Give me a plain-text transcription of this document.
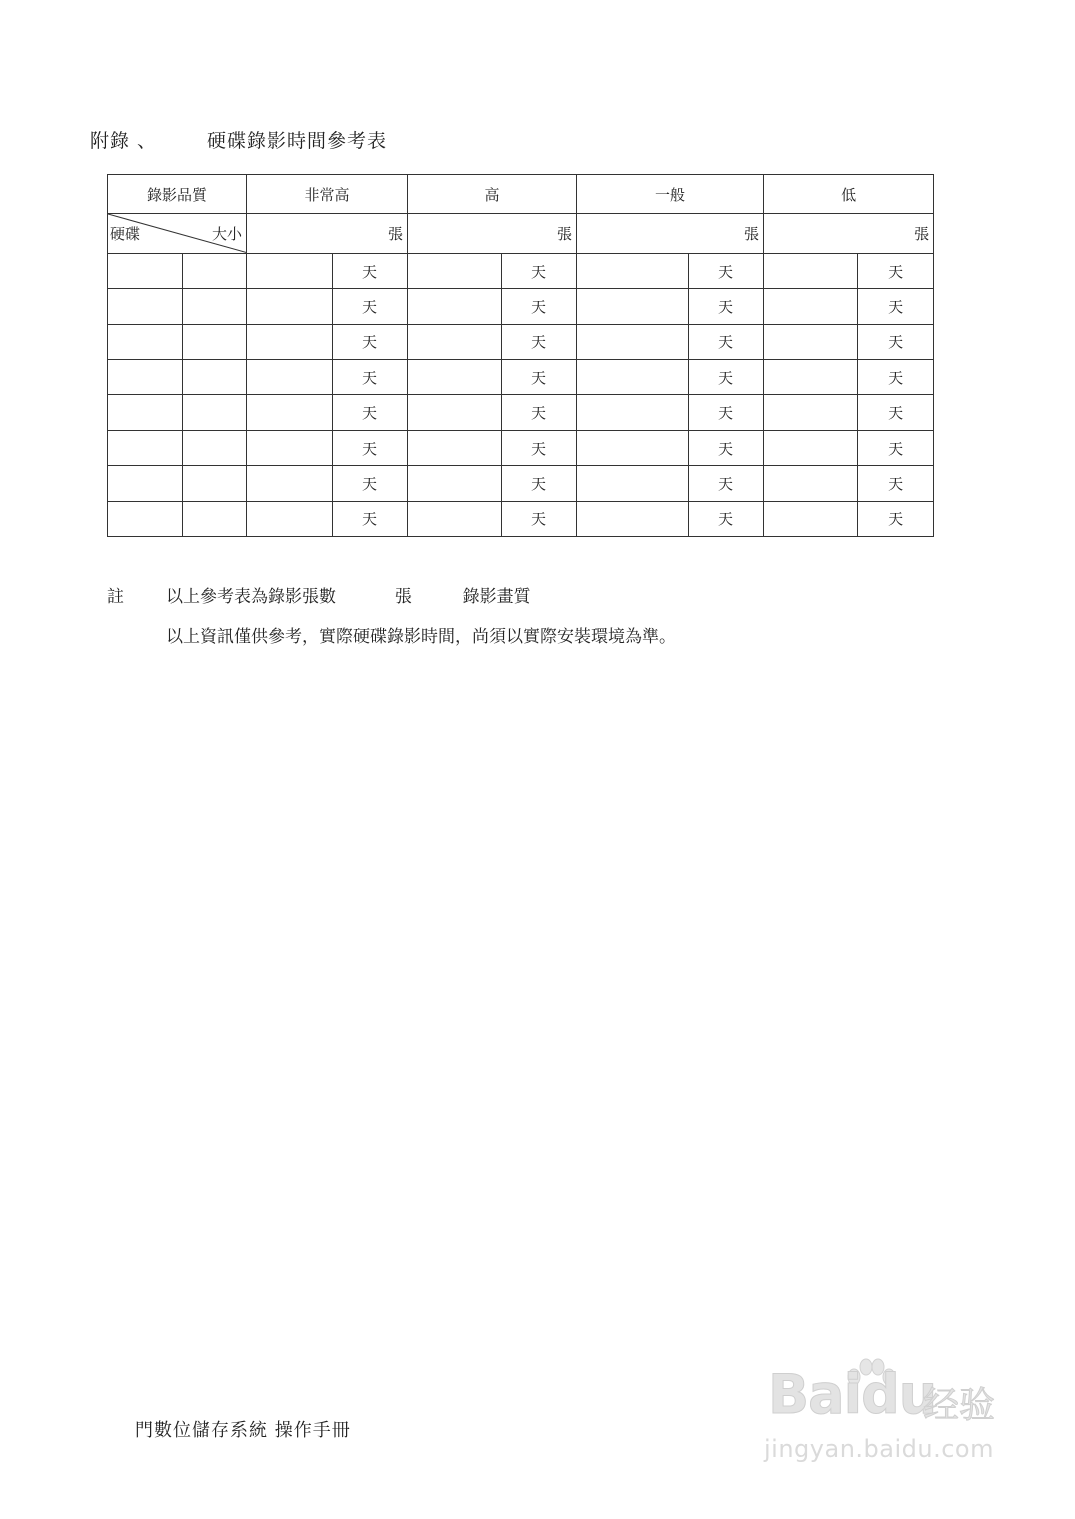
附錄 、	硬碟錄影時間參考表
錄影品質		非常高		高		一般		低	

硬碟 大小		張		張		張		張	
			天		天		天		天
			天		天		天		天
			天		天		天		天
			天		天		天		天
			天		天		天		天
			天		天		天		天
			天		天		天		天
			天		天		天		天
註 以上參考表為錄影張數	張	錄影畫質
以上資訊僅供參考，實際硬碟錄影時間，尚須以實際安裝環境為準。
門數位儲存系統 操作手冊
Baidu
经验
jingyan.baidu.com
